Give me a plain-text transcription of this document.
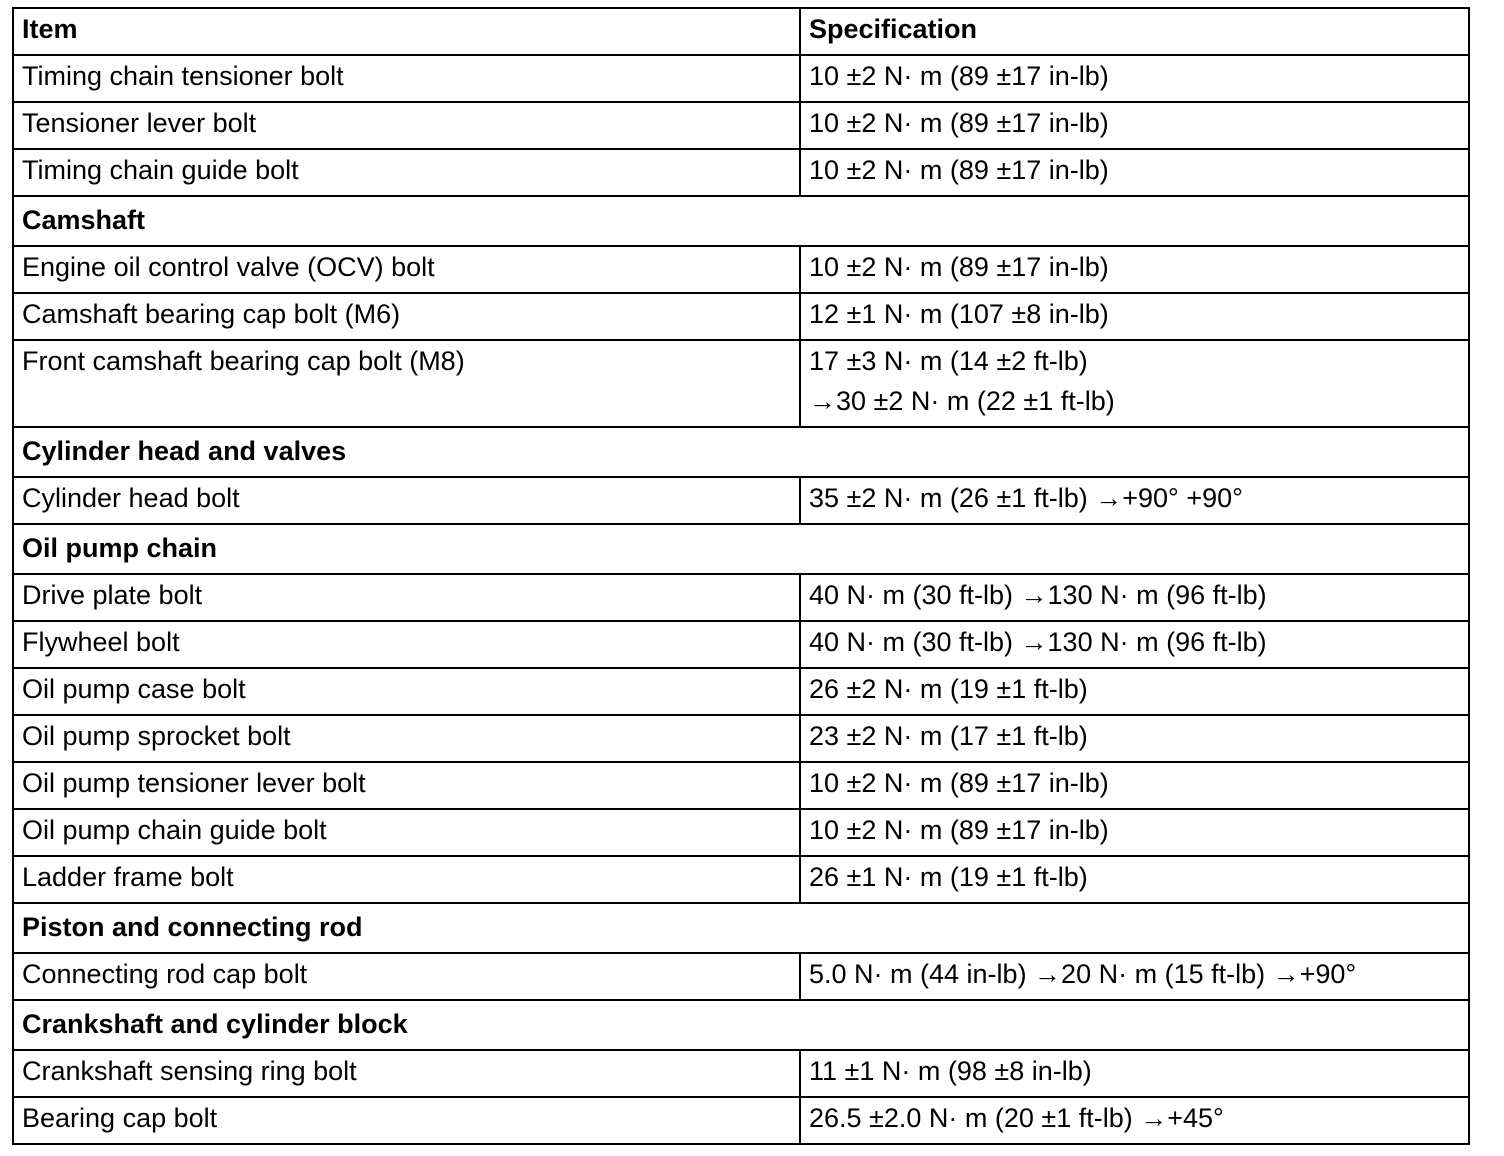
Item	Specification
Timing chain tensioner bolt	10 ±2 N· m (89 ±17 in-lb)

Tensioner lever bolt	10 ±2 N· m (89 ±17 in-lb)

Timing chain guide bolt	10 ±2 N· m (89 ±17 in-lb)

Camshaft	
Engine oil control valve (OCV) bolt	10 ±2 N· m (89 ±17 in-lb)

Camshaft bearing cap bolt (M6)	12 ±1 N· m (107 ±8 in-lb)

Front camshaft bearing cap bolt (M8)	17 ±3 N· m (14 ±2 ft-lb)
→30 ±2 N· m (22 ±1 ft-lb)

Cylinder head and valves	
Cylinder head bolt	35 ±2 N· m (26 ±1 ft-lb) →+90° +90°

Oil pump chain	
Drive plate bolt	40 N· m (30 ft-lb) →130 N· m (96 ft-lb)

Flywheel bolt	40 N· m (30 ft-lb) →130 N· m (96 ft-lb)

Oil pump case bolt	26 ±2 N· m (19 ±1 ft-lb)

Oil pump sprocket bolt	23 ±2 N· m (17 ±1 ft-lb)

Oil pump tensioner lever bolt	10 ±2 N· m (89 ±17 in-lb)

Oil pump chain guide bolt	10 ±2 N· m (89 ±17 in-lb)

Ladder frame bolt	26 ±1 N· m (19 ±1 ft-lb)

Piston and connecting rod	
Connecting rod cap bolt	5.0 N· m (44 in-lb) →20 N· m (15 ft-lb) →+90°

Crankshaft and cylinder block	
Crankshaft sensing ring bolt	11 ±1 N· m (98 ±8 in-lb)

Bearing cap bolt	26.5 ±2.0 N· m (20 ±1 ft-lb) →+45°
